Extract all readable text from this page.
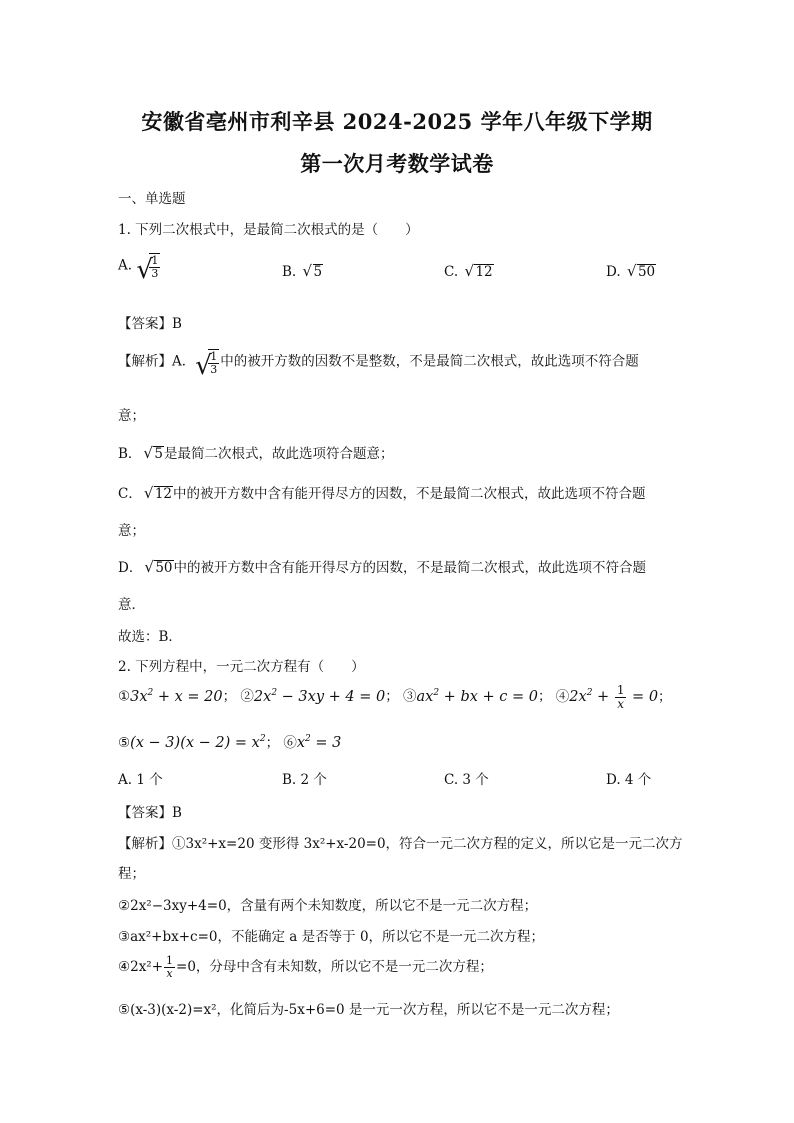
安徽省亳州市利辛县 2024-2025 学年八年级下学期
第一次月考数学试卷
一、单选题
1. 下列二次根式中，是最简二次根式的是（　　）
A. √ $\frac{1}{3}$	B. √ 5	C. √ 12	D. √ 50
【答案】B
【解析】A． √ $\frac{1}{3}$ 中的被开方数的因数不是整数，不是最简二次根式，故此选项不符合题
意；
B． √ 5是最简二次根式，故此选项符合题意；
C． √ 12中的被开方数中含有能开得尽方的因数，不是最简二次根式，故此选项不符合题
意；
D． √ 50中的被开方数中含有能开得尽方的因数，不是最简二次根式，故此选项不符合题
意．
故选：B．
2. 下列方程中，一元二次方程有（　　）
$①3x^2 + x = 20$； $②2x^2 - 3xy + 4 = 0$； $③ax^2$ + bx + c = 0； $④2x^2 + \frac{1}{x} = 0$；
⑤(x − $3)(x - 2) = x^2$； $⑥x^2 = 3$
A. 1 个	B. 2 个	C. 3 个	D. 4 个
【答案】B
【解析】①3x²+x=20 变形得 3x²+x-20=0，符合一元二次方程的定义，所以它是一元二次方
程；
②2x²−3xy+4=0，含量有两个未知数度，所以它不是一元二次方程；
③ax²+bx+c=0，不能确定 a 是否等于 0，所以它不是一元二次方程；
④2x²+ $\frac{1}{x} =0$，分母中含有未知数，所以它不是一元二次方程；
⑤(x-3)(x-2)=x²，化简后为-5x+6=0 是一元一次方程，所以它不是一元二次方程；
